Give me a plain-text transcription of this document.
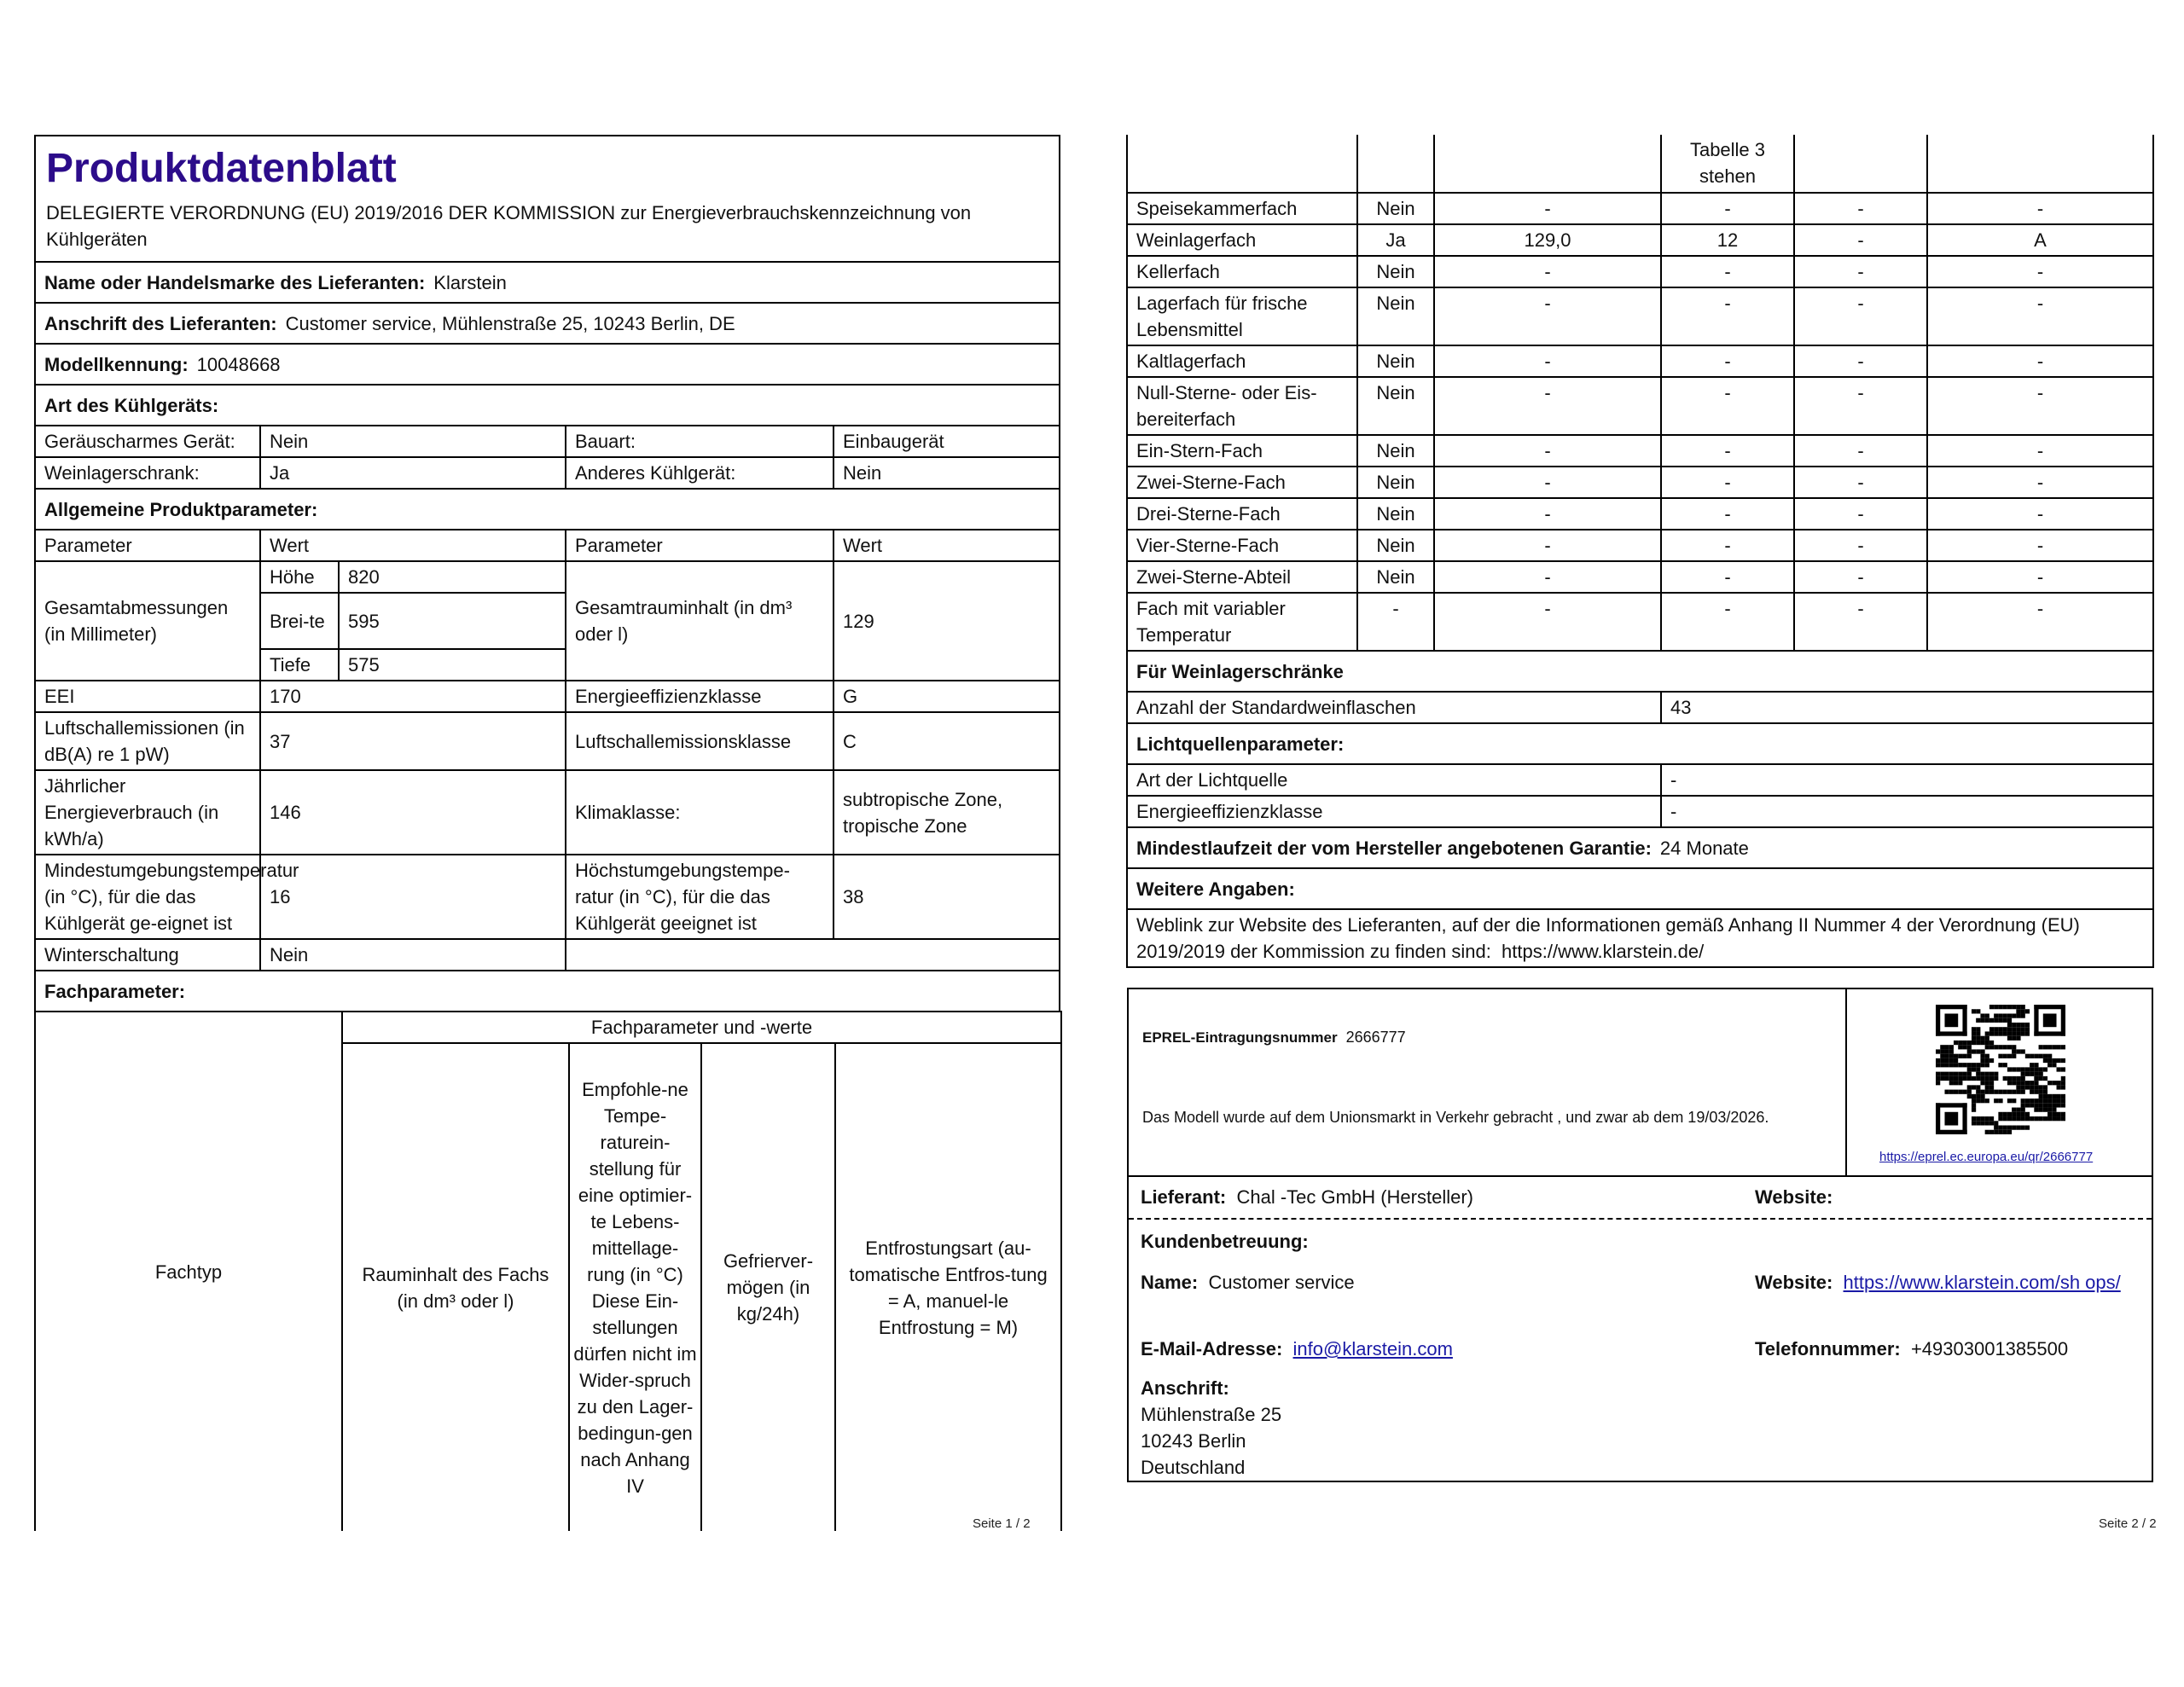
Produktdatenblatt
DELEGIERTE VERORDNUNG (EU) 2019/2016 DER KOMMISSION zur Energieverbrauchskennzeichnung von Kühlgeräten				

Name oder Handelsmarke des Lieferanten: Klarstein				
Anschrift des Lieferanten: Customer service, Mühlenstraße 25, 10243 Berlin, DE				
Modellkennung: 10048668				
Art des Kühlgeräts:				
Geräuscharmes Gerät:	Nein		Bauart:	Einbaugerät
Weinlagerschrank:	Ja		Anderes Kühlgerät:	Nein
Allgemeine Produktparameter:				
Parameter	Wert		Parameter	Wert
Gesamtabmessungen (in Millimeter)	Höhe	820	Gesamtrauminhalt (in dm³ oder l)	129
	Brei-te	595		
	Tiefe	575		
EEI	170		Energieeffizienzklasse	G
Luftschallemissionen (in dB(A) re 1 pW)	37		Luftschallemissionsklasse	C
Jährlicher Energieverbrauch (in kWh/a)	146		Klimaklasse:	subtropische Zone, tropische Zone
Mindestumgebungstemperatur (in °C), für die das Kühlgerät ge-eignet ist	16		Höchstumgebungstempe-ratur (in °C), für die das Kühlgerät geeignet ist	38
Winterschaltung	Nein			
Fachparameter:				
Fachtyp	Fachparameter und -werte			
	Rauminhalt des Fachs (in dm³ oder l)	Empfohle-ne Tempe-raturein-stellung für eine optimier-te Lebens-mittellage-rung (in °C) Diese Ein-stellungen dürfen nicht im Wider-spruch zu den Lager-bedingun-gen nach Anhang IV	Gefrierver-mögen (in kg/24h)	Entfrostungsart (au-tomatische Entfros-tung = A, manuel-le Entfrostung = M)
Seite 1 / 2
			Tabelle 3 stehen		
Speisekammerfach	Nein	-	-	-	-
Weinlagerfach	Ja	129,0	12	-	A
Kellerfach	Nein	-	-	-	-
Lagerfach für frische Lebensmittel	Nein	-	-	-	-
Kaltlagerfach	Nein	-	-	-	-
Null-Sterne- oder Eis-bereiterfach	Nein	-	-	-	-
Ein-Stern-Fach	Nein	-	-	-	-
Zwei-Sterne-Fach	Nein	-	-	-	-
Drei-Sterne-Fach	Nein	-	-	-	-
Vier-Sterne-Fach	Nein	-	-	-	-
Zwei-Sterne-Abteil	Nein	-	-	-	-
Fach mit variabler Temperatur	-	-	-	-	-
Für Weinlagerschränke	
Anzahl der Standardweinflaschen	43
Lichtquellenparameter:	
Art der Lichtquelle	-
Energieeffizienzklasse	-
Mindestlaufzeit der vom Hersteller angebotenen Garantie: 24 Monate	
Weitere Angaben:	
Weblink zur Website des Lieferanten, auf der die Informationen gemäß Anhang II Nummer 4 der Verordnung (EU) 2019/2019 der Kommission zu finden sind: https://www.klarstein.de/	
Seite 2 / 2
EPREL-Eintragungsnummer 2666777
Das Modell wurde auf dem Unionsmarkt in Verkehr gebracht , und zwar ab dem 19/03/2026.
https://eprel.ec.europa.eu/qr/2666777
Lieferant: Chal -Tec GmbH (Hersteller)	Website:
Kundenbetreuung:
Name: Customer service	Website: https://www.klarstein.com/sh ops/
E-Mail-Adresse: info@klarstein.com	Telefonnummer: +49303001385500
Anschrift:
Mühlenstraße 25
10243 Berlin
Deutschland
